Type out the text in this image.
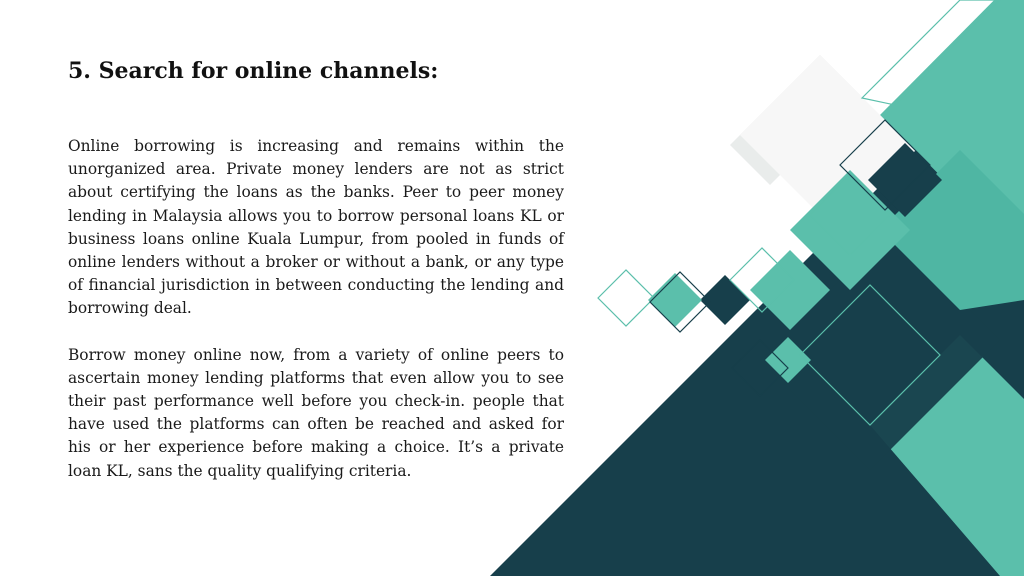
5. Search for online channels:

Online borrowing is increasing and remains within the unorganized area. Private money lenders are not as strict about certifying the loans as the banks. Peer to peer money lending in Malaysia allows you to borrow personal loans KL or business loans online Kuala Lumpur, from pooled in funds of online lenders without a broker or without a bank, or any type of financial jurisdiction in between conducting the lending and borrowing deal.

Borrow money online now, from a variety of online peers to ascertain money lending platforms that even allow you to see their past performance well before you check-in. people that have used the platforms can often be reached and asked for his or her experience before making a choice. It’s a private loan KL, sans the quality qualifying criteria.
